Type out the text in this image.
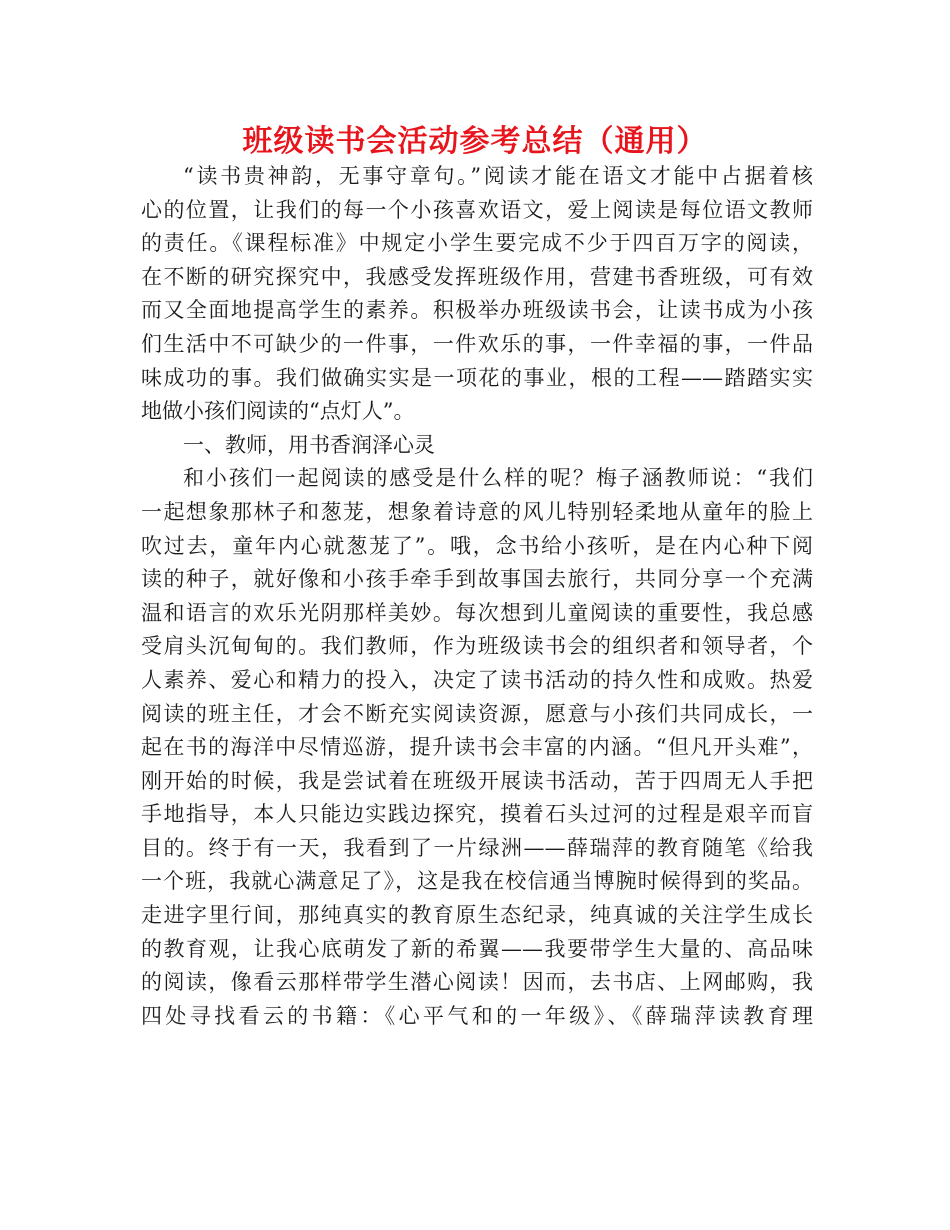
班级读书会活动参考总结（通用）
“读书贵神韵，无事守章句。”阅读才能在语文才能中占据着核
心的位置，让我们的每一个小孩喜欢语文，爱上阅读是每位语文教师
的责任。《课程标准》中规定小学生要完成不少于四百万字的阅读，
在不断的研究探究中，我感受发挥班级作用，营建书香班级，可有效
而又全面地提高学生的素养。积极举办班级读书会，让读书成为小孩
们生活中不可缺少的一件事，一件欢乐的事，一件幸福的事，一件品
味成功的事。我们做确实实是一项花的事业，根的工程——踏踏实实
地做小孩们阅读的“点灯人”。
一、教师，用书香润泽心灵
和小孩们一起阅读的感受是什么样的呢？梅子涵教师说：“我们
一起想象那林子和葱茏，想象着诗意的风儿特别轻柔地从童年的脸上
吹过去，童年内心就葱茏了”。哦，念书给小孩听，是在内心种下阅
读的种子，就好像和小孩手牵手到故事国去旅行，共同分享一个充满
温和语言的欢乐光阴那样美妙。每次想到儿童阅读的重要性，我总感
受肩头沉甸甸的。我们教师，作为班级读书会的组织者和领导者，个
人素养、爱心和精力的投入，决定了读书活动的持久性和成败。热爱
阅读的班主任，才会不断充实阅读资源，愿意与小孩们共同成长，一
起在书的海洋中尽情巡游，提升读书会丰富的内涵。“但凡开头难”，
刚开始的时候，我是尝试着在班级开展读书活动，苦于四周无人手把
手地指导，本人只能边实践边探究，摸着石头过河的过程是艰辛而盲
目的。终于有一天，我看到了一片绿洲——薛瑞萍的教育随笔《给我
一个班，我就心满意足了》，这是我在校信通当博腕时候得到的奖品。
走进字里行间，那纯真实的教育原生态纪录，纯真诚的关注学生成长
的教育观，让我心底萌发了新的希翼——我要带学生大量的、高品味
的阅读，像看云那样带学生潜心阅读！因而，去书店、上网邮购，我
四处寻找看云的书籍：《心平气和的一年级》、《薛瑞萍读教育理
